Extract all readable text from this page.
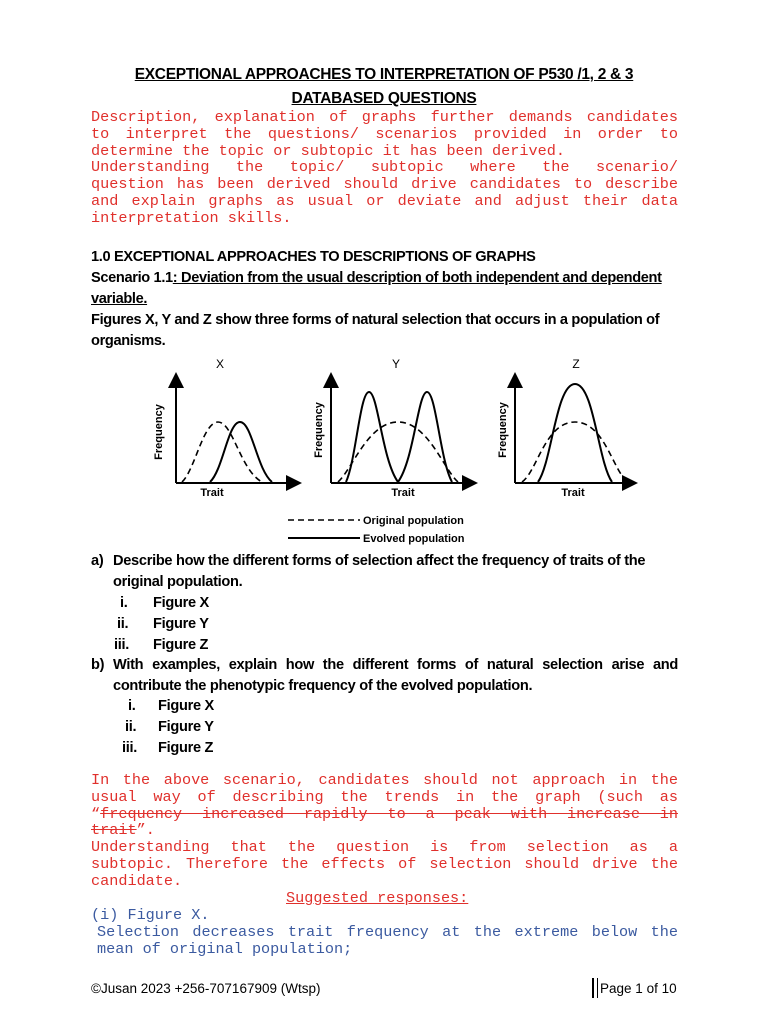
EXCEPTIONAL APPROACHES TO INTERPRETATION OF P530 /1, 2 & 3
DATABASED QUESTIONS
Description, explanation of graphs further demands candidates
to interpret the questions/ scenarios provided in order to
determine the topic or subtopic it has been derived.
Understanding the topic/ subtopic where the scenario/
question has been derived should drive candidates to describe
and explain graphs as usual or deviate and adjust their data
interpretation skills.
1.0 EXCEPTIONAL APPROACHES TO DESCRIPTIONS OF GRAPHS
Scenario 1.1: Deviation from the usual description of both independent and dependent
variable.
Figures X, Y and Z show three forms of natural selection that occurs in a population of
organisms.
X
Frequency
Trait
Y
Frequency
Trait
Z
Frequency
Trait
Original population
Evolved population
a) Describe how the different forms of selection affect the frequency of traits of the
original population.
i. Figure X
ii. Figure Y
iii. Figure Z
b) With examples, explain how the different forms of natural selection arise and
contribute the phenotypic frequency of the evolved population.
i. Figure X
ii. Figure Y
iii. Figure Z
In the above scenario, candidates should not approach in the
usual way of describing the trends in the graph (such as
“frequency increased rapidly to a peak with increase in
trait”.
Understanding that the question is from selection as a
subtopic. Therefore the effects of selection should drive the
candidate.
Suggested responses:
(i) Figure X.
Selection decreases trait frequency at the extreme below the
mean of original population;
©Jusan 2023 +256-707167909 (Wtsp)	Page 1 of 10
